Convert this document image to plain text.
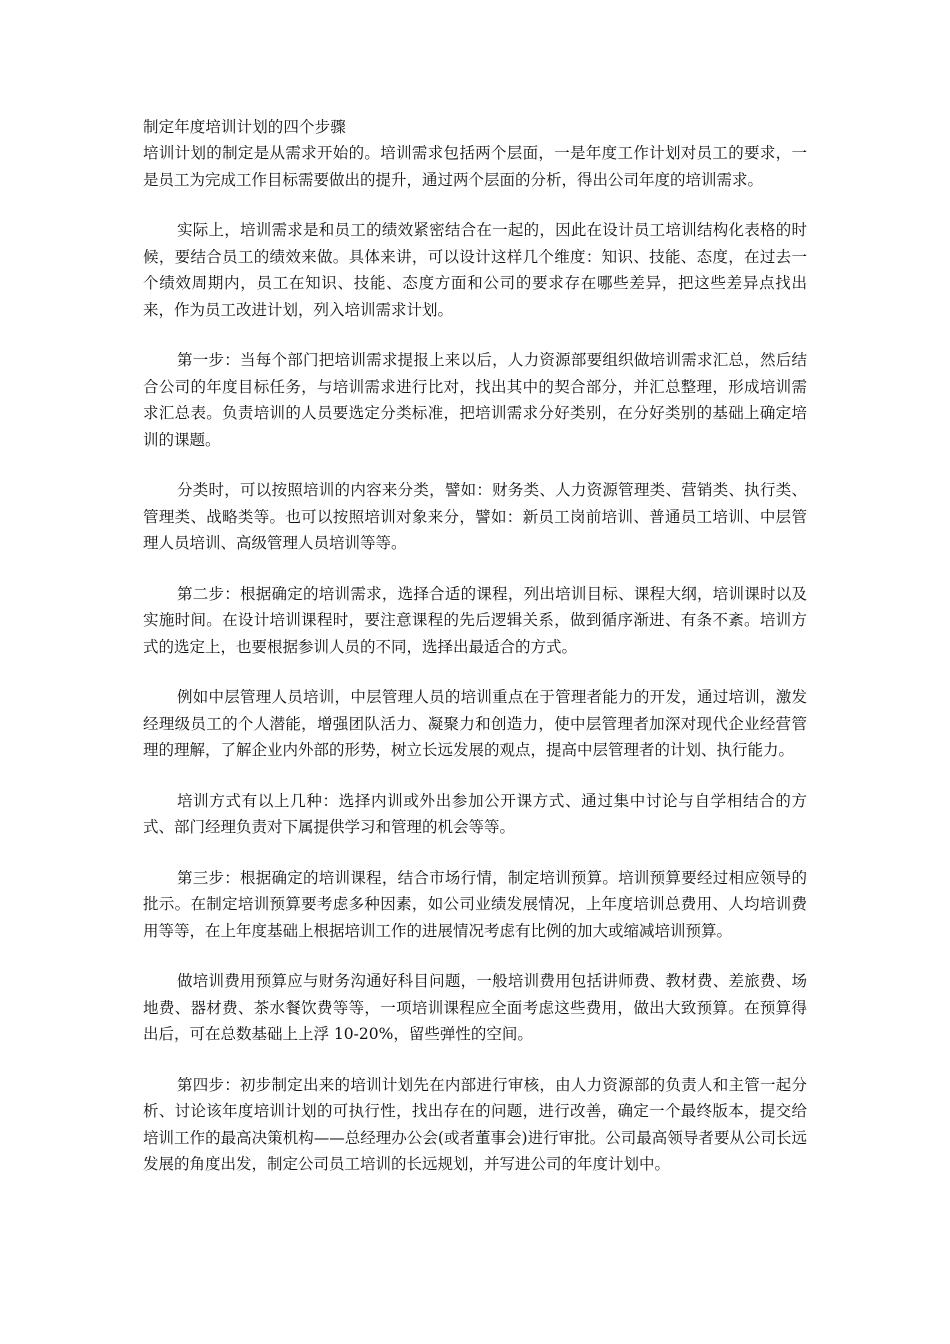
制定年度培训计划的四个步骤

培训计划的制定是从需求开始的。培训需求包括两个层面，一是年度工作计划对员工的要求，一是员工为完成工作目标需要做出的提升，通过两个层面的分析，得出公司年度的培训需求。

实际上，培训需求是和员工的绩效紧密结合在一起的，因此在设计员工培训结构化表格的时候，要结合员工的绩效来做。具体来讲，可以设计这样几个维度：知识、技能、态度，在过去一个绩效周期内，员工在知识、技能、态度方面和公司的要求存在哪些差异，把这些差异点找出来，作为员工改进计划，列入培训需求计划。

第一步：当每个部门把培训需求提报上来以后，人力资源部要组织做培训需求汇总，然后结合公司的年度目标任务，与培训需求进行比对，找出其中的契合部分，并汇总整理，形成培训需求汇总表。负责培训的人员要选定分类标准，把培训需求分好类别，在分好类别的基础上确定培训的课题。

分类时，可以按照培训的内容来分类，譬如：财务类、人力资源管理类、营销类、执行类、管理类、战略类等。也可以按照培训对象来分，譬如：新员工岗前培训、普通员工培训、中层管理人员培训、高级管理人员培训等等。

第二步：根据确定的培训需求，选择合适的课程，列出培训目标、课程大纲，培训课时以及实施时间。在设计培训课程时，要注意课程的先后逻辑关系，做到循序渐进、有条不紊。培训方式的选定上，也要根据参训人员的不同，选择出最适合的方式。

例如中层管理人员培训，中层管理人员的培训重点在于管理者能力的开发，通过培训，激发经理级员工的个人潜能，增强团队活力、凝聚力和创造力，使中层管理者加深对现代企业经营管理的理解，了解企业内外部的形势，树立长远发展的观点，提高中层管理者的计划、执行能力。

培训方式有以上几种：选择内训或外出参加公开课方式、通过集中讨论与自学相结合的方式、部门经理负责对下属提供学习和管理的机会等等。

第三步：根据确定的培训课程，结合市场行情，制定培训预算。培训预算要经过相应领导的批示。在制定培训预算要考虑多种因素，如公司业绩发展情况，上年度培训总费用、人均培训费用等等，在上年度基础上根据培训工作的进展情况考虑有比例的加大或缩减培训预算。

做培训费用预算应与财务沟通好科目问题，一般培训费用包括讲师费、教材费、差旅费、场地费、器材费、茶水餐饮费等等，一项培训课程应全面考虑这些费用，做出大致预算。在预算得出后，可在总数基础上上浮 10-20%，留些弹性的空间。

第四步：初步制定出来的培训计划先在内部进行审核，由人力资源部的负责人和主管一起分析、讨论该年度培训计划的可执行性，找出存在的问题，进行改善，确定一个最终版本，提交给培训工作的最高决策机构——总经理办公会(或者董事会)进行审批。公司最高领导者要从公司长远发展的角度出发，制定公司员工培训的长远规划，并写进公司的年度计划中。
